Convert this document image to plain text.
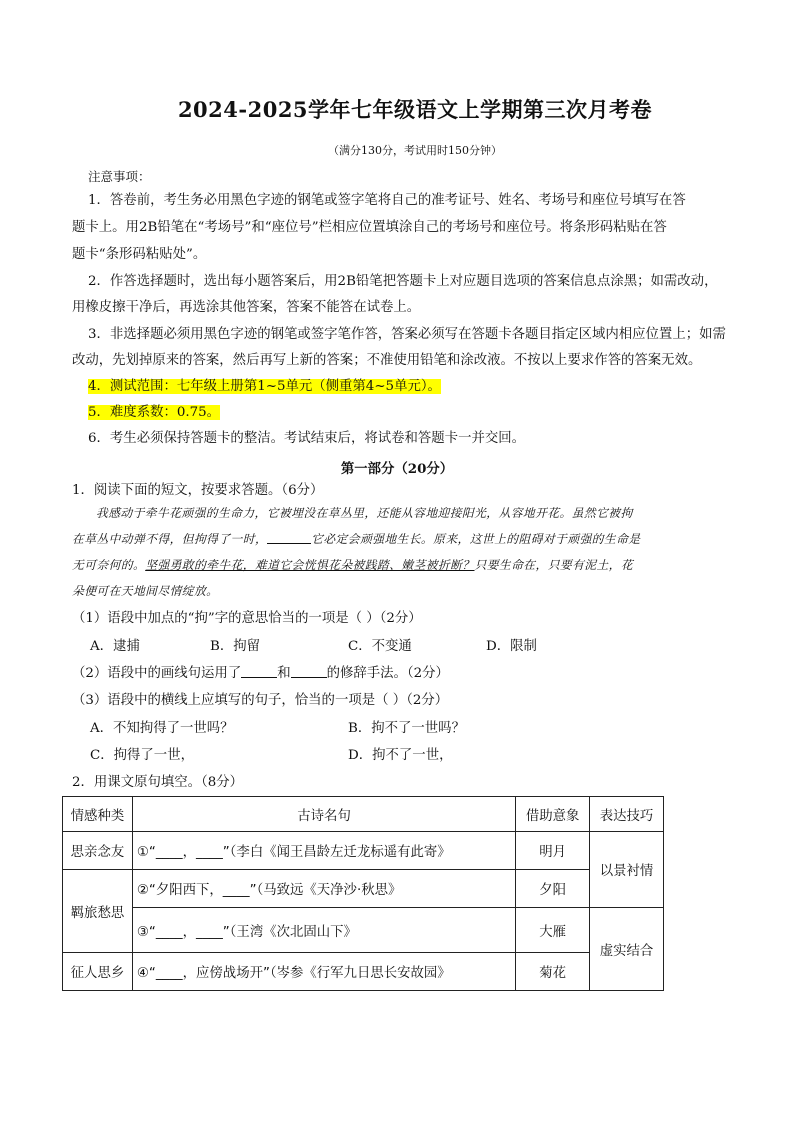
2024-2025学年七年级语文上学期第三次月考卷
（满分130分，考试用时150分钟）
注意事项：
1．答卷前，考生务必用黑色字迹的钢笔或签字笔将自己的准考证号、姓名、考场号和座位号填写在答
题卡上。用2B铅笔在“考场号”和“座位号”栏相应位置填涂自己的考场号和座位号。将条形码粘贴在答
题卡“条形码粘贴处”。
2．作答选择题时，选出每小题答案后，用2B铅笔把答题卡上对应题目选项的答案信息点涂黑；如需改动，
用橡皮擦干净后，再选涂其他答案，答案不能答在试卷上。
3．非选择题必须用黑色字迹的钢笔或签字笔作答，答案必须写在答题卡各题目指定区域内相应位置上；如需
改动，先划掉原来的答案，然后再写上新的答案；不准使用铅笔和涂改液。不按以上要求作答的答案无效。
4．测试范围：七年级上册第1~5单元（侧重第4~5单元）。
5．难度系数：0.75。
6．考生必须保持答题卡的整洁。考试结束后，将试卷和答题卡一并交回。
第一部分（20分）
1．阅读下面的短文，按要求答题。（6分）
我感动于牵牛花顽强的生命力，它被埋没在草丛里，还能从容地迎接阳光，从容地开花。虽然它被拘
在草丛中动弹不得，但拘得了一时，	它必定会顽强地生长。原来，这世上的阻碍对于顽强的生命是
无可奈何的。坚强勇敢的牵牛花，难道它会恍惧花朵被践踏、嫩茎被折断？只要生命在，只要有泥土，花
朵便可在天地间尽情绽放。
（1）语段中加点的“拘”字的意思恰当的一项是（ ）（2分）
A．逮捕	B．拘留	C．不变通	D．限制
（2）语段中的画线句运用了	和	的修辞手法。（2分）
（3）语段中的横线上应填写的句子，恰当的一项是（ ）（2分）
A．不知拘得了一世吗？	B．拘不了一世吗？
C．拘得了一世，	D．拘不了一世，
2．用课文原句填空。（8分）
情感种类	古诗名句	借助意象	表达技巧
思亲念友	①“____，____”（李白《闻王昌龄左迁龙标遥有此寄》	明月	以景衬情
羁旅愁思	②“夕阳西下，____”（马致远《天净沙·秋思》	夕阳	
	③“____，____”（王湾《次北固山下》	大雁	虚实结合
征人思乡	④“____，应傍战场开”（岑参《行军九日思长安故园》	菊花	
